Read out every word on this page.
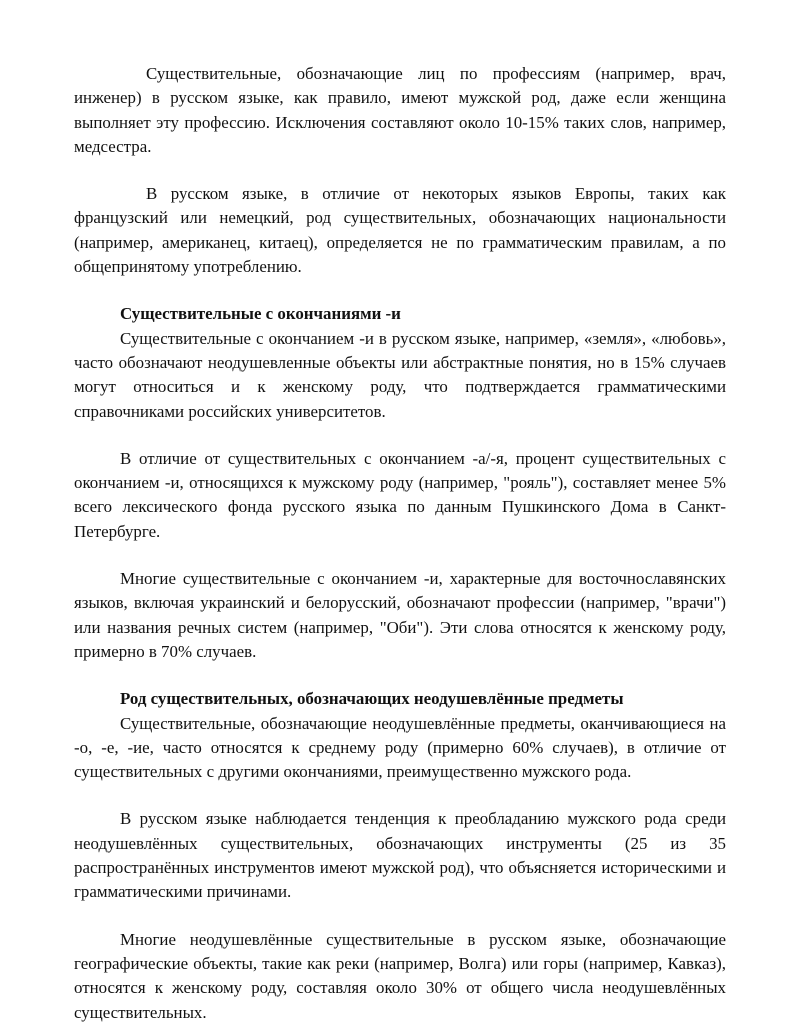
Существительные, обозначающие лиц по профессиям (например, врач, инженер) в русском языке, как правило, имеют мужской род, даже если женщина выполняет эту профессию. Исключения составляют около 10-15% таких слов, например, медсестра.

В русском языке, в отличие от некоторых языков Европы, таких как французский или немецкий, род существительных, обозначающих национальности (например, американец, китаец), определяется не по грамматическим правилам, а по общепринятому употреблению.

Существительные с окончаниями -и

Существительные с окончанием -и в русском языке, например, «земля», «любовь», часто обозначают неодушевленные объекты или абстрактные понятия, но в 15% случаев могут относиться и к женскому роду, что подтверждается грамматическими справочниками российских университетов.

В отличие от существительных с окончанием -а/-я, процент существительных с окончанием -и, относящихся к мужскому роду (например, "рояль"), составляет менее 5% всего лексического фонда русского языка по данным Пушкинского Дома в Санкт-Петербурге.

Многие существительные с окончанием -и, характерные для восточнославянских языков, включая украинский и белорусский, обозначают профессии (например, "врачи") или названия речных систем (например, "Оби"). Эти слова относятся к женскому роду, примерно в 70% случаев.

Род существительных, обозначающих неодушевлённые предметы

Существительные, обозначающие неодушевлённые предметы, оканчивающиеся на -о, -е, -ие, часто относятся к среднему роду (примерно 60% случаев), в отличие от существительных с другими окончаниями, преимущественно мужского рода.

В русском языке наблюдается тенденция к преобладанию мужского рода среди неодушевлённых существительных, обозначающих инструменты (25 из 35 распространённых инструментов имеют мужской род), что объясняется историческими и грамматическими причинами.

Многие неодушевлённые существительные в русском языке, обозначающие географические объекты, такие как реки (например, Волга) или горы (например, Кавказ), относятся к женскому роду, составляя около 30% от общего числа неодушевлённых существительных.
